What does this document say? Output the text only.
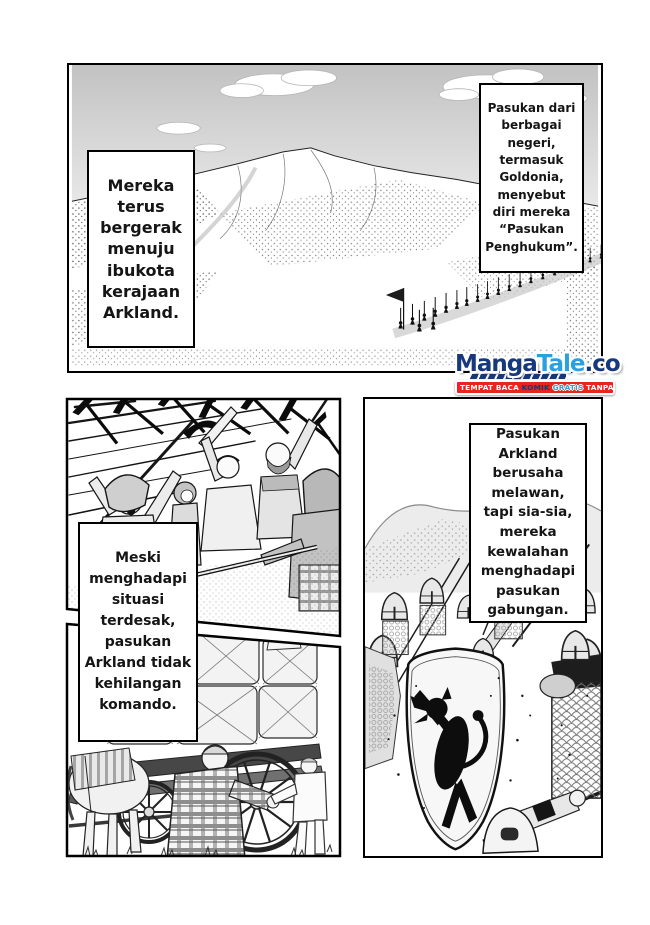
Mereka terus bergerak menuju ibukota kerajaan Arkland.
Pasukan dari berbagai negeri, termasuk Goldonia, menyebut diri mereka “Pasukan Penghukum”.
Pasukan Arkland berusaha melawan, tapi sia-sia, mereka kewalahan menghadapi pasukan gabungan.
Meski menghadapi situasi terdesak, pasukan Arkland tidak kehilangan komando.
MangaTale.co
TEMPAT BACA KOMIK GRATIS TANPA IKLAN
